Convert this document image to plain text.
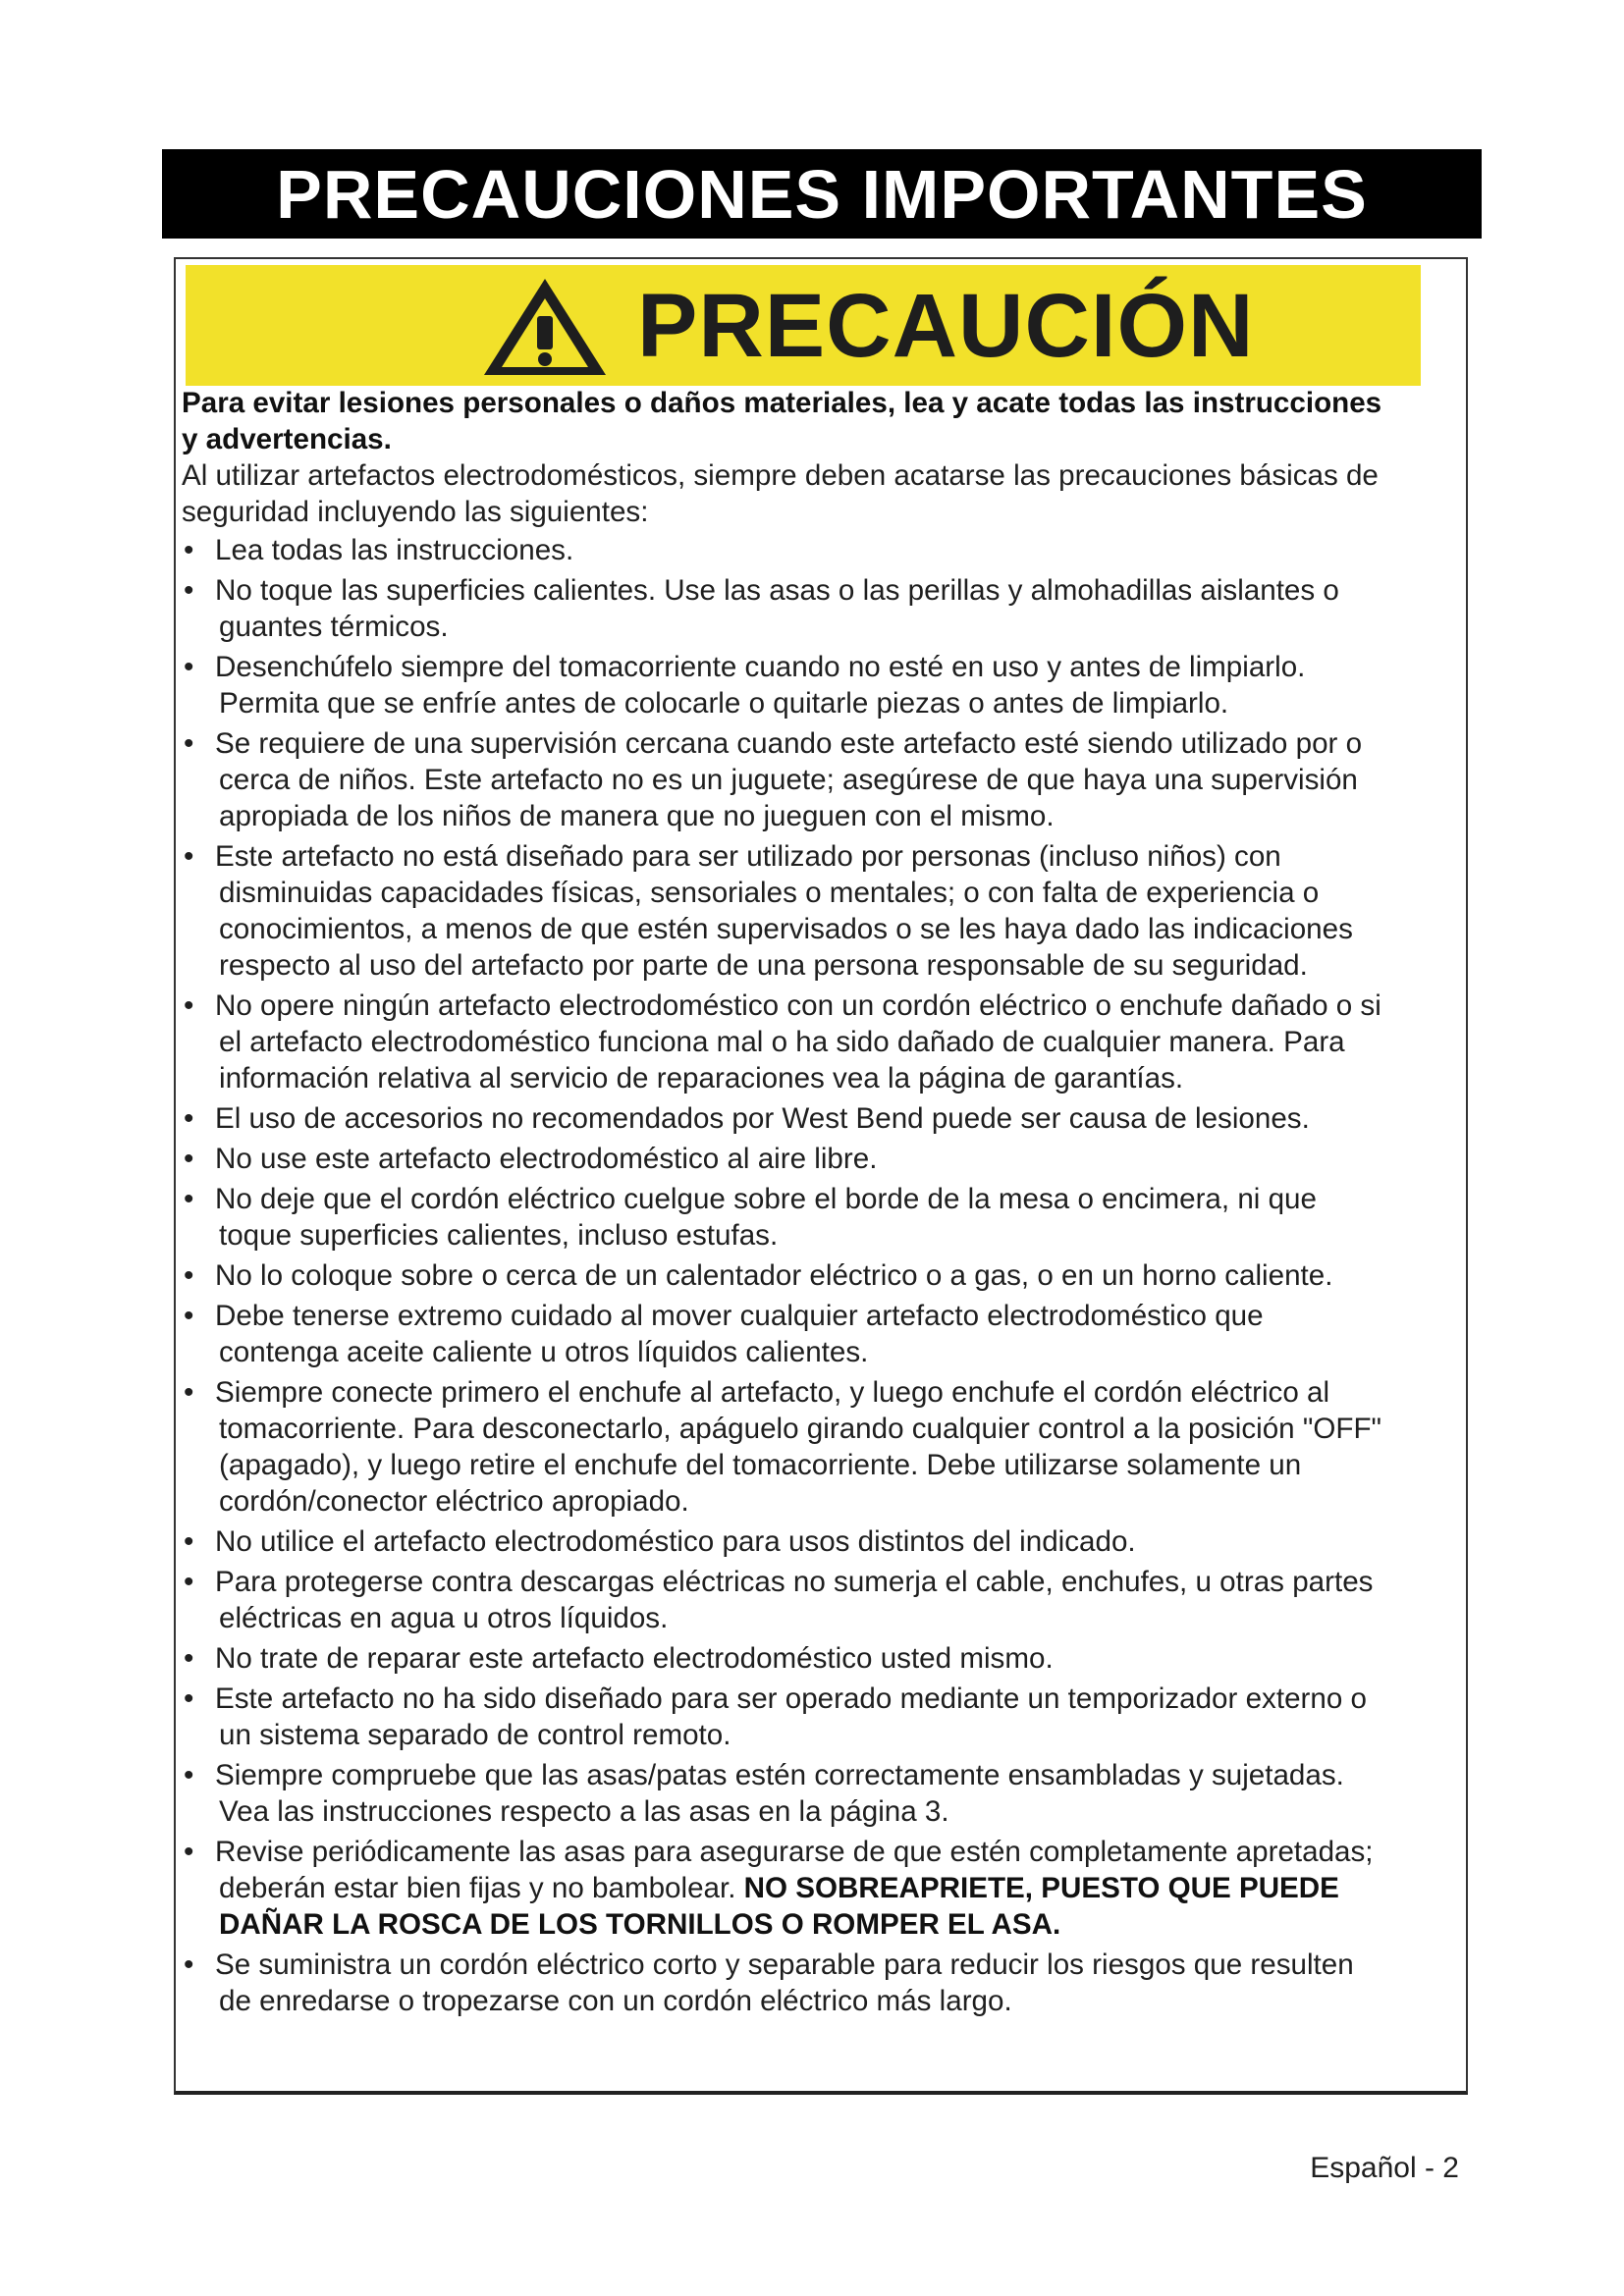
PRECAUCIONES IMPORTANTES
PRECAUCIÓN

Para evitar lesiones personales o daños materiales, lea y acate todas las instrucciones
y advertencias.

Al utilizar artefactos electrodomésticos, siempre deben acatarse las precauciones básicas de
seguridad incluyendo las siguientes:

• Lea todas las instrucciones.
• No toque las superficies calientes. Use las asas o las perillas y almohadillas aislantes o
guantes térmicos.
• Desenchúfelo siempre del tomacorriente cuando no esté en uso y antes de limpiarlo.
Permita que se enfríe antes de colocarle o quitarle piezas o antes de limpiarlo.
• Se requiere de una supervisión cercana cuando este artefacto esté siendo utilizado por o
cerca de niños. Este artefacto no es un juguete; asegúrese de que haya una supervisión
apropiada de los niños de manera que no jueguen con el mismo.
• Este artefacto no está diseñado para ser utilizado por personas (incluso niños) con
disminuidas capacidades físicas, sensoriales o mentales; o con falta de experiencia o
conocimientos, a menos de que estén supervisados o se les haya dado las indicaciones
respecto al uso del artefacto por parte de una persona responsable de su seguridad.
• No opere ningún artefacto electrodoméstico con un cordón eléctrico o enchufe dañado o si
el artefacto electrodoméstico funciona mal o ha sido dañado de cualquier manera. Para
información relativa al servicio de reparaciones vea la página de garantías.
• El uso de accesorios no recomendados por West Bend puede ser causa de lesiones.
• No use este artefacto electrodoméstico al aire libre.
• No deje que el cordón eléctrico cuelgue sobre el borde de la mesa o encimera, ni que
toque superficies calientes, incluso estufas.
• No lo coloque sobre o cerca de un calentador eléctrico o a gas, o en un horno caliente.
• Debe tenerse extremo cuidado al mover cualquier artefacto electrodoméstico que
contenga aceite caliente u otros líquidos calientes.
• Siempre conecte primero el enchufe al artefacto, y luego enchufe el cordón eléctrico al
tomacorriente. Para desconectarlo, apáguelo girando cualquier control a la posición "OFF"
(apagado), y luego retire el enchufe del tomacorriente. Debe utilizarse solamente un
cordón/conector eléctrico apropiado.
• No utilice el artefacto electrodoméstico para usos distintos del indicado.
• Para protegerse contra descargas eléctricas no sumerja el cable, enchufes, u otras partes
eléctricas en agua u otros líquidos.
• No trate de reparar este artefacto electrodoméstico usted mismo.
• Este artefacto no ha sido diseñado para ser operado mediante un temporizador externo o
un sistema separado de control remoto.
• Siempre compruebe que las asas/patas estén correctamente ensambladas y sujetadas.
Vea las instrucciones respecto a las asas en la página 3.
• Revise periódicamente las asas para asegurarse de que estén completamente apretadas;
deberán estar bien fijas y no bambolear. NO SOBREAPRIETE, PUESTO QUE PUEDE
DAÑAR LA ROSCA DE LOS TORNILLOS O ROMPER EL ASA.
• Se suministra un cordón eléctrico corto y separable para reducir los riesgos que resulten
de enredarse o tropezarse con un cordón eléctrico más largo.
Español - 2
